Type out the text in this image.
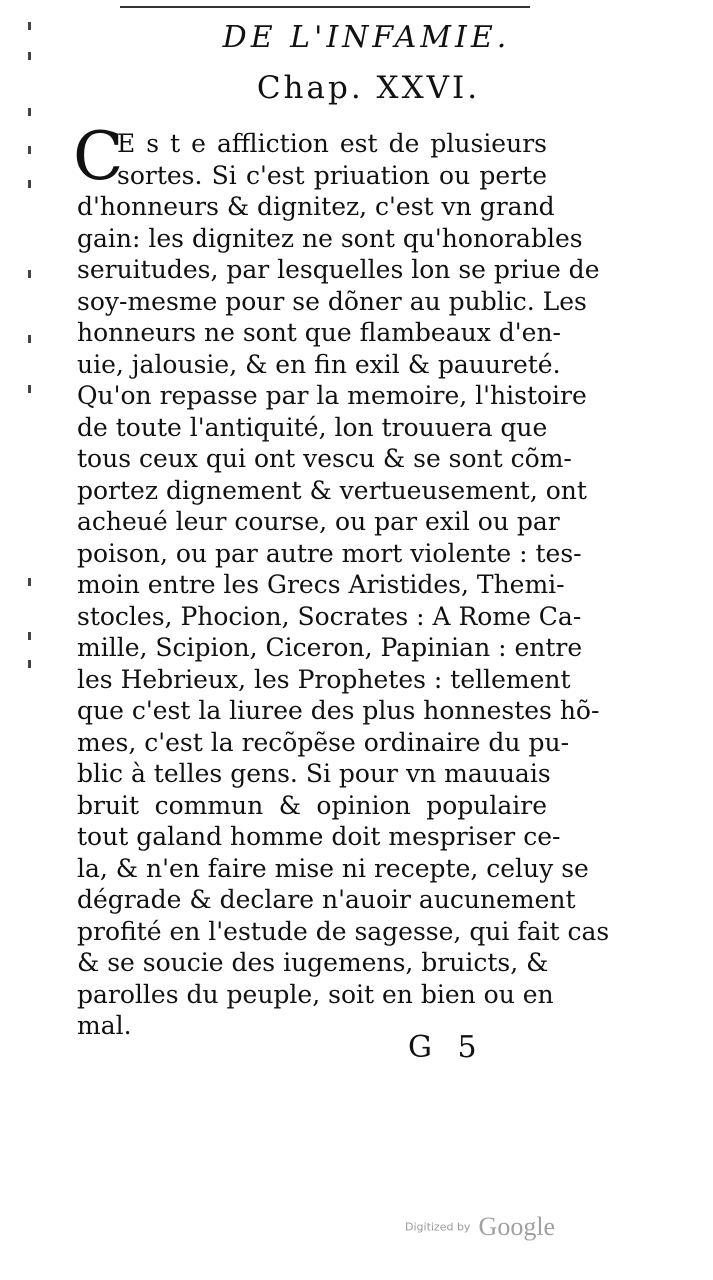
DE L'INFAMIE.
Chap. XXVI.
C
E s t e affliction est de plusieurs
sortes. Si c'est priuation ou perte
d'honneurs & dignitez, c'est vn grand
gain: les dignitez ne sont qu'honorables
seruitudes, par lesquelles lon se priue de
soy-mesme pour se dõner au public. Les
honneurs ne sont que flambeaux d'en-
uie, jalousie, & en fin exil & pauureté.
Qu'on repasse par la memoire, l'histoire
de toute l'antiquité, lon trouuera que
tous ceux qui ont vescu & se sont cõm-
portez dignement & vertueusement, ont
acheué leur course, ou par exil ou par
poison, ou par autre mort violente : tes-
moin entre les Grecs Aristides, Themi-
stocles, Phocion, Socrates : A Rome Ca-
mille, Scipion, Ciceron, Papinian : entre
les Hebrieux, les Prophetes : tellement
que c'est la liuree des plus honnestes hõ-
mes, c'est la recõpẽse ordinaire du pu-
blic à telles gens. Si pour vn mauuais
bruit commun & opinion populaire
tout galand homme doit mespriser ce-
la, & n'en faire mise ni recepte, celuy se
dégrade & declare n'auoir aucunement
profité en l'estude de sagesse, qui fait cas
& se soucie des iugemens, bruicts, &
parolles du peuple, soit en bien ou en
mal.
G 5
Digitized by Google
